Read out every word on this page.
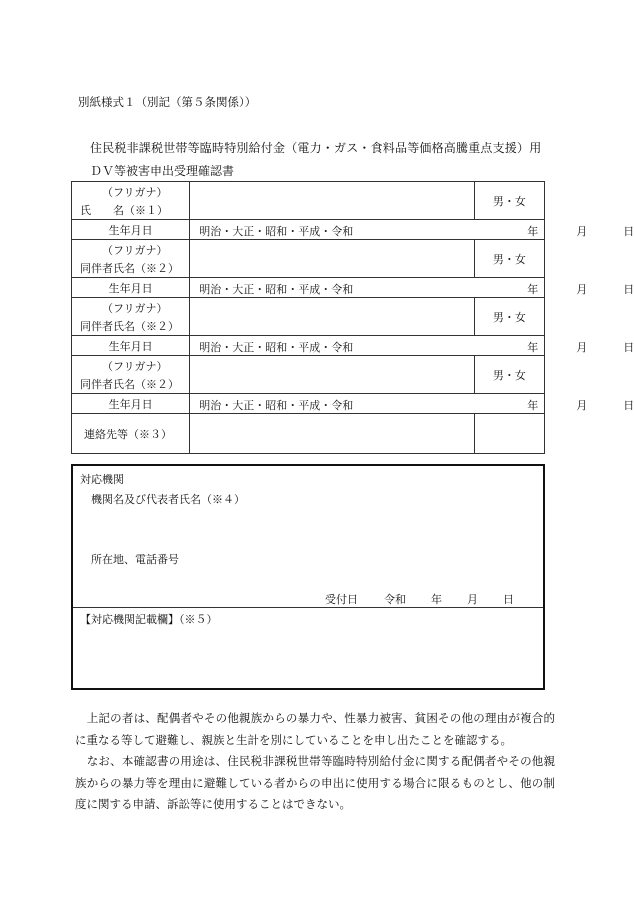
別紙様式１（別記（第５条関係））
住民税非課税世帯等臨時特別給付金（電力・ガス・食料品等価格高騰重点支援）用
ＤＶ等被害申出受理確認書
（フリガナ）
氏　　名（※１）		男・女
生年月日	明治・大正・昭和・平成・令和 年 月 日	

（フリガナ）
同伴者氏名（※２）		男・女
生年月日	明治・大正・昭和・平成・令和 年 月 日	

（フリガナ）
同伴者氏名（※２）		男・女
生年月日	明治・大正・昭和・平成・令和 年 月 日	

（フリガナ）
同伴者氏名（※２）		男・女
生年月日	明治・大正・昭和・平成・令和 年 月 日	

連絡先等（※３）		
対応機関
機関名及び代表者氏名（※４）
所在地、電話番号
受付日 令和 年 月 日
【対応機関記載欄】（※５）

　上記の者は、配偶者やその他親族からの暴力や、性暴力被害、貧困その他の理由が複合的に重なる等して避難し、親族と生計を別にしていることを申し出たことを確認する。

　なお、本確認書の用途は、住民税非課税世帯等臨時特別給付金に関する配偶者やその他親族からの暴力等を理由に避難している者からの申出に使用する場合に限るものとし、他の制度に関する申請、訴訟等に使用することはできない。
